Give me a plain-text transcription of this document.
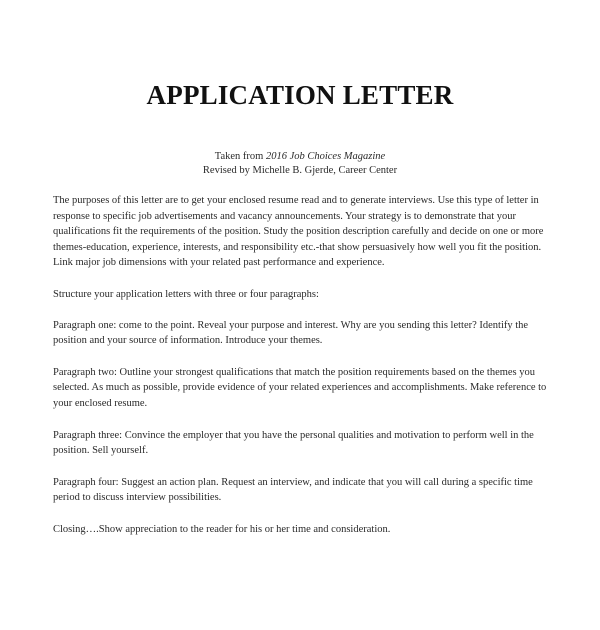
APPLICATION LETTER

Taken from 2016 Job Choices Magazine

Revised by Michelle B. Gjerde, Career Center

The purposes of this letter are to get your enclosed resume read and to generate interviews. Use this type of letter in response to specific job advertisements and vacancy announcements. Your strategy is to demonstrate that your qualifications fit the requirements of the position. Study the position description carefully and decide on one or more themes-education, experience, interests, and responsibility etc.-that show persuasively how well you fit the position. Link major job dimensions with your related past performance and experience.

Structure your application letters with three or four paragraphs:

Paragraph one: come to the point. Reveal your purpose and interest. Why are you sending this letter? Identify the position and your source of information. Introduce your themes.

Paragraph two: Outline your strongest qualifications that match the position requirements based on the themes you selected. As much as possible, provide evidence of your related experiences and accomplishments. Make reference to your enclosed resume.

Paragraph three: Convince the employer that you have the personal qualities and motivation to perform well in the position. Sell yourself.

Paragraph four: Suggest an action plan. Request an interview, and indicate that you will call during a specific time period to discuss interview possibilities.

Closing….Show appreciation to the reader for his or her time and consideration.
